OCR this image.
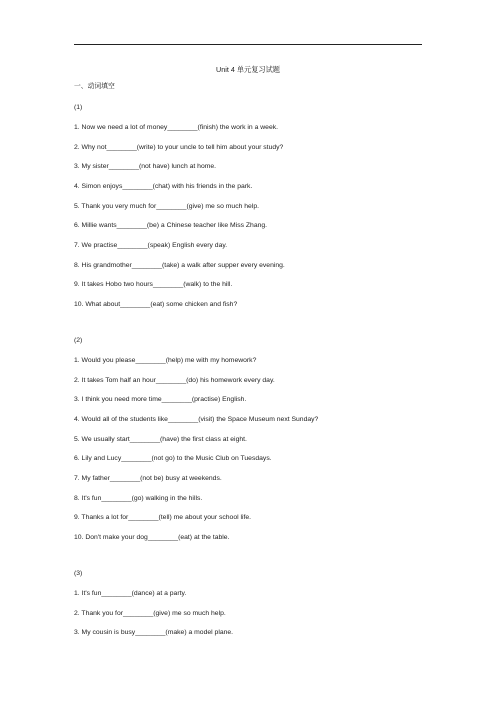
Unit 4 单元复习试题
一、动词填空
(1)
1. Now we need a lot of money________(finish) the work in a week.
2. Why not________(write) to your uncle to tell him about your study?
3. My sister________(not have) lunch at home.
4. Simon enjoys________(chat) with his friends in the park.
5. Thank you very much for________(give) me so much help.
6. Millie wants________(be) a Chinese teacher like Miss Zhang.
7. We practise________(speak) English every day.
8. His grandmother________(take) a walk after supper every evening.
9. It takes Hobo two hours________(walk) to the hill.
10. What about________(eat) some chicken and fish?
(2)
1. Would you please________(help) me with my homework?
2. It takes Tom half an hour________(do) his homework every day.
3. I think you need more time________(practise) English.
4. Would all of the students like________(visit) the Space Museum next Sunday?
5. We usually start________(have) the first class at eight.
6. Lily and Lucy________(not go) to the Music Club on Tuesdays.
7. My father________(not be) busy at weekends.
8. It's fun________(go) walking in the hills.
9. Thanks a lot for________(tell) me about your school life.
10. Don't make your dog________(eat) at the table.
(3)
1. It's fun________(dance) at a party.
2. Thank you for________(give) me so much help.
3. My cousin is busy________(make) a model plane.
